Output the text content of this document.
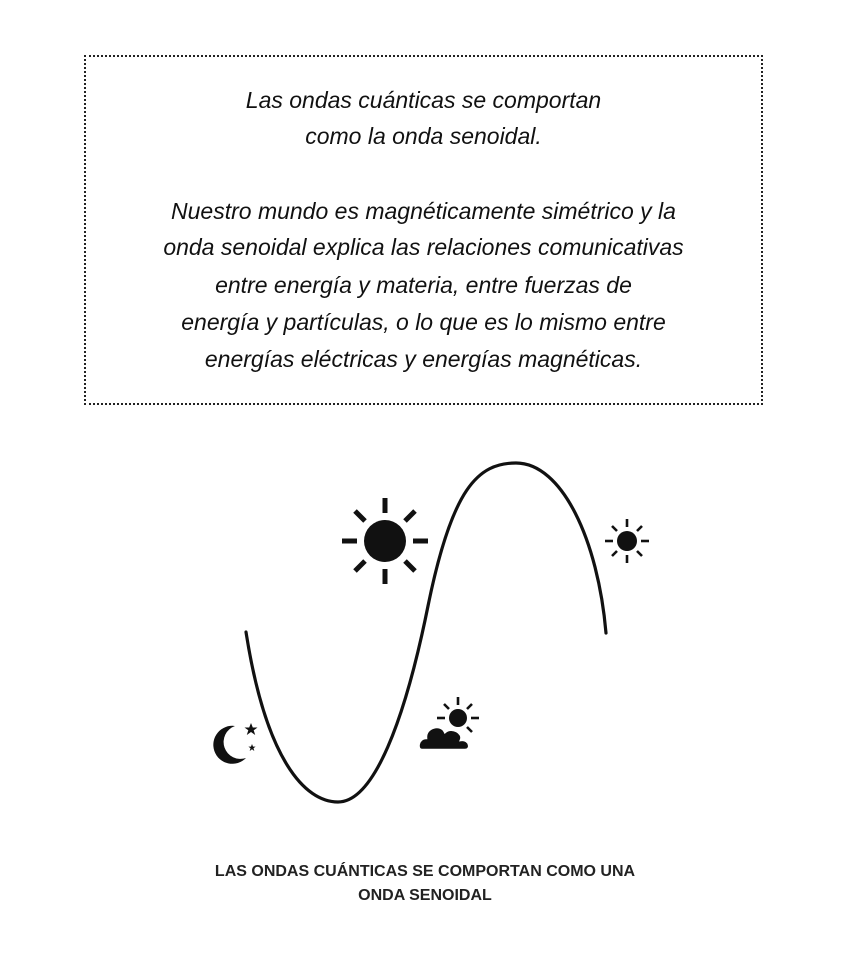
Las ondas cuánticas se comportan
como la onda senoidal.
Nuestro mundo es magnéticamente simétrico y la
onda senoidal explica las relaciones comunicativas
entre energía y materia, entre fuerzas de
energía y partículas, o lo que es lo mismo entre
energías eléctricas y energías magnéticas.
LAS ONDAS CUÁNTICAS SE COMPORTAN COMO UNA
ONDA SENOIDAL
